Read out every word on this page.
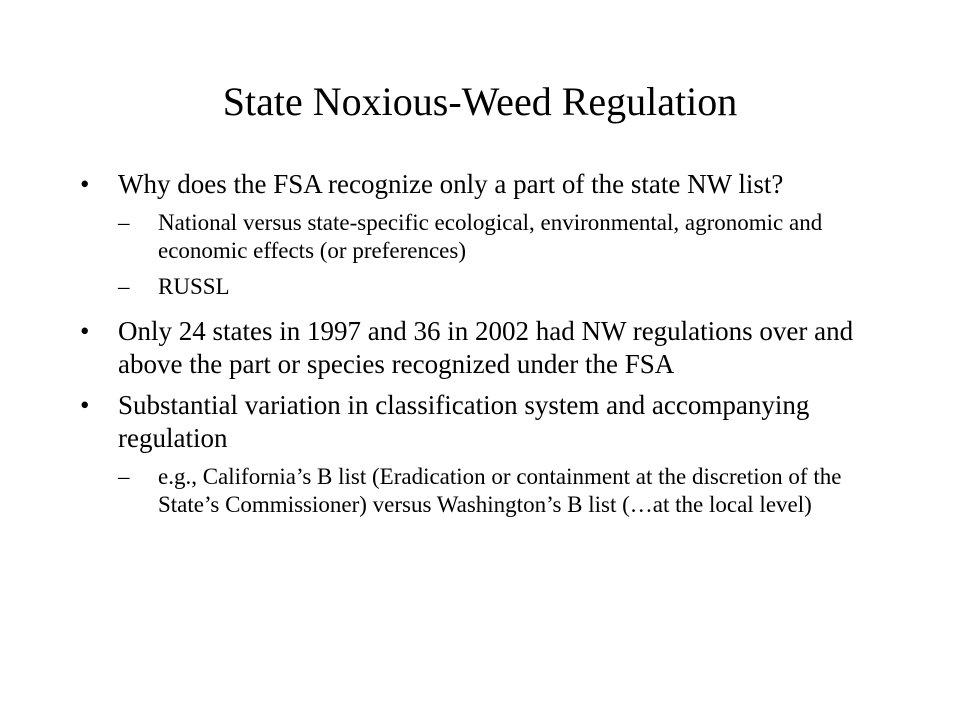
State Noxious-Weed Regulation
• Why does the FSA recognize only a part of the state NW list?
– National versus state-specific ecological, environmental, agronomic and economic effects (or preferences)
– RUSSL
• Only 24 states in 1997 and 36 in 2002 had NW regulations over and above the part or species recognized under the FSA
• Substantial variation in classification system and accompanying regulation
– e.g., California’s B list (Eradication or containment at the discretion of the State’s Commissioner) versus Washington’s B list (…at the local level)
